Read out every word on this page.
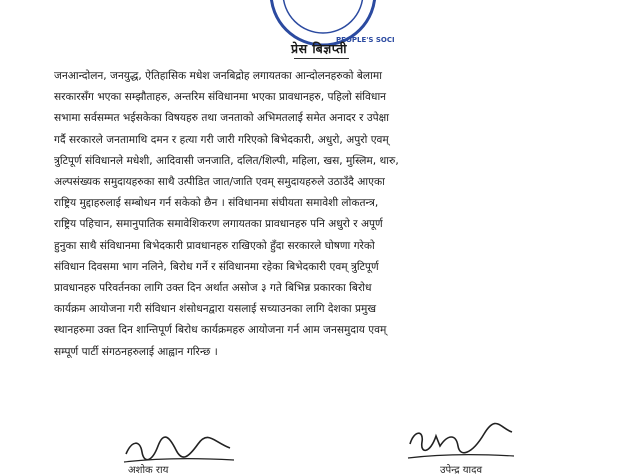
PEOPLE'S SOCI
प्रेस बिज्ञप्ती
जनआन्दोलन, जनयुद्ध, ऐतिहासिक मधेश जनबिद्रोह लगायतका आन्दोलनहरुको बेलामा
सरकारसँग भएका सम्झौताहरु, अन्तरिम संविधानमा भएका प्रावधानहरु, पहिलो संविधान
सभामा सर्वसम्मत भईसकेका विषयहरु तथा जनताको अभिमतलाई समेत अनादर र उपेक्षा
गर्दै सरकारले जनतामाथि दमन र हत्या गरी जारी गरिएको बिभेदकारी, अधुरो, अपुरो एवम्
त्रुटिपूर्ण संविधानले मधेशी, आदिवासी जनजाति, दलित/शिल्पी, महिला, खस, मुस्लिम, थारु,
अल्पसंख्यक समुदायहरुका साथै उत्पीडित जात/जाति एवम् समुदायहरुले उठाउँदै आएका
राष्ट्रिय मुद्दाहरुलाई सम्बोधन गर्न सकेको छैन । संविधानमा संघीयता समावेशी लोकतन्त्र,
राष्ट्रिय पहिचान, समानुपातिक समावेशिकरण लगायतका प्रावधानहरु पनि अधुरो र अपूर्ण
हुनुका साथै संविधानमा बिभेदकारी प्रावधानहरु राखिएको हुँदा सरकारले घोषणा गरेको
संविधान दिवसमा भाग नलिने, बिरोध गर्ने र संविधानमा रहेका बिभेदकारी एवम् त्रुटिपूर्ण
प्रावधानहरु परिवर्तनका लागि उक्त दिन अर्थात असोज ३ गते बिभिन्न प्रकारका बिरोध
कार्यक्रम आयोजना गरी संविधान शंसोधनद्वारा यसलाई सच्याउनका लागि देशका प्रमुख
स्थानहरुमा उक्त दिन शान्तिपूर्ण बिरोध कार्यक्रमहरु आयोजना गर्न आम जनसमुदाय एवम्
सम्पूर्ण पार्टी संगठनहरुलाई आह्वान गरिन्छ ।
अशोक राय	उपेन्द्र यादव
